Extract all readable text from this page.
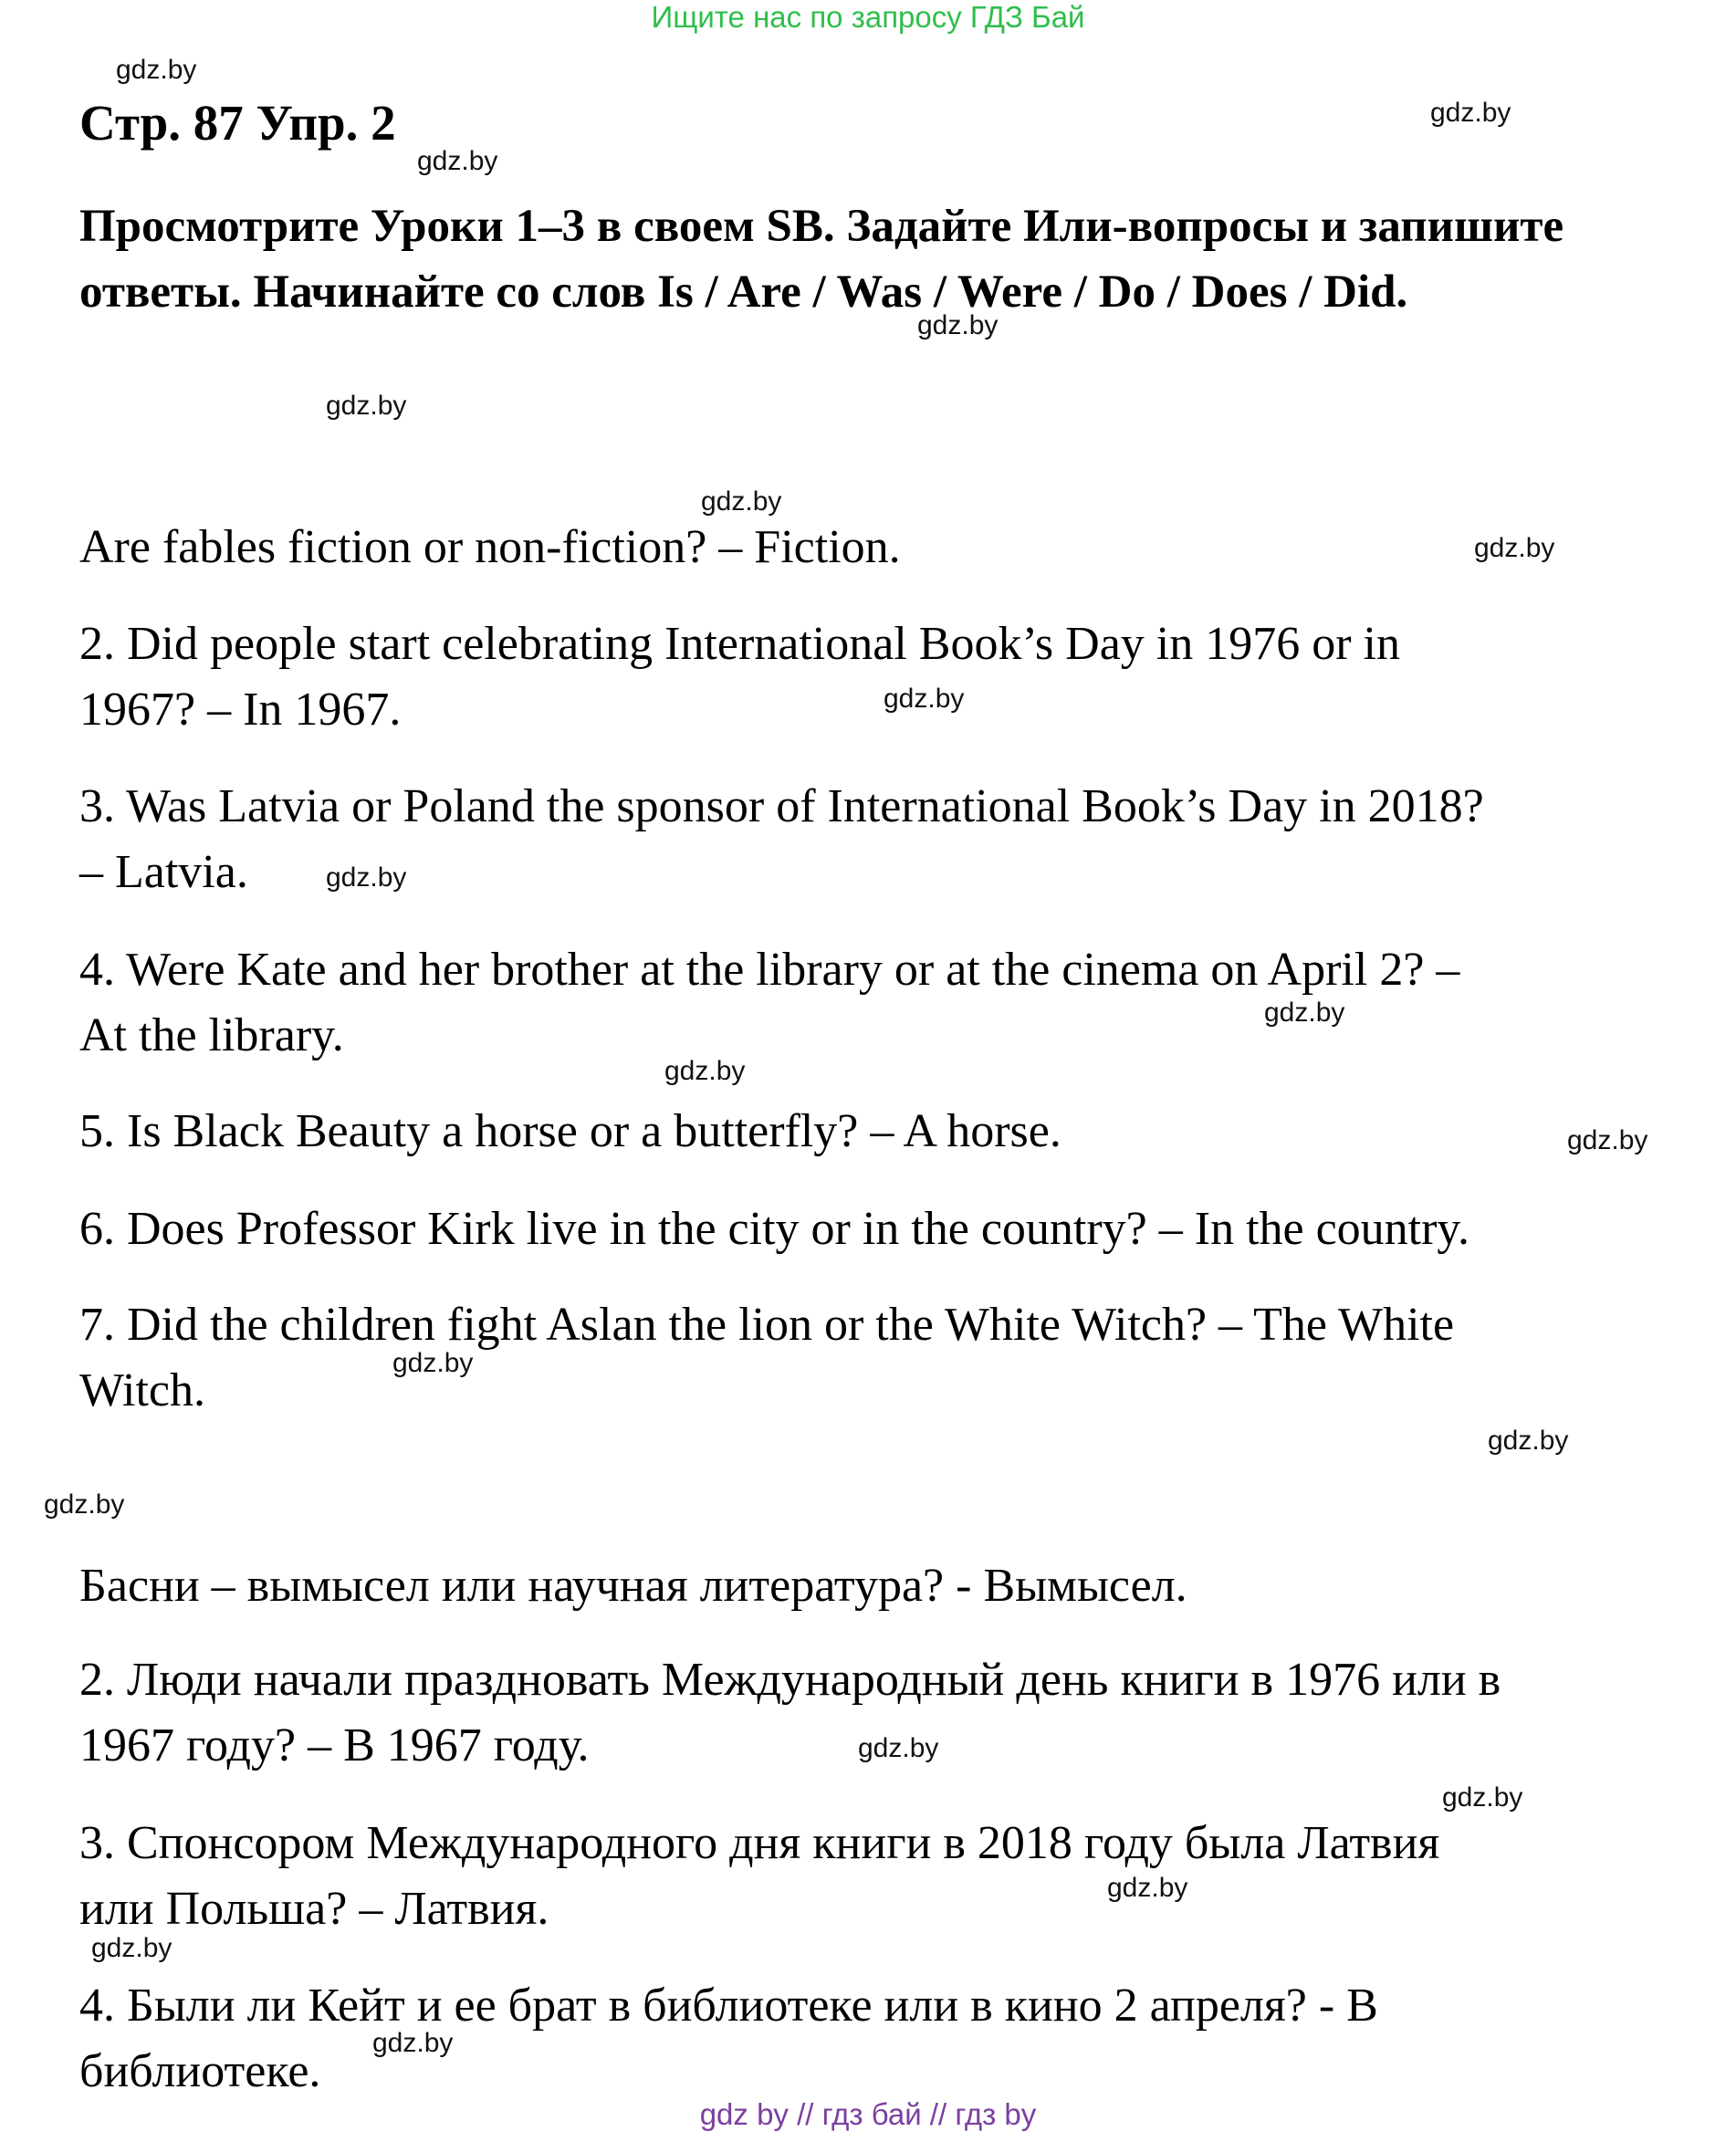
Ищите нас по запросу ГДЗ Бай
Стр. 87 Упр. 2
Просмотрите Уроки 1–3 в своем SB. Задайте Или-вопросы и запишите ответы. Начинайте со слов Is / Are / Was / Were / Do / Does / Did.
Are fables fiction or non-fiction? – Fiction.
2. Did people start celebrating International Book’s Day in 1976 or in
1967? – In 1967.
3. Was Latvia or Poland the sponsor of International Book’s Day in 2018?
– Latvia.
4. Were Kate and her brother at the library or at the cinema on April 2? –
At the library.
5. Is Black Beauty a horse or a butterfly? – A horse.
6. Does Professor Kirk live in the city or in the country? – In the country.
7. Did the children fight Aslan the lion or the White Witch? – The White
Witch.
Басни – вымысел или научная литература? - Вымысел.
2. Люди начали праздновать Международный день книги в 1976 или в
1967 году? – В 1967 году.
3. Спонсором Международного дня книги в 2018 году была Латвия
или Польша? – Латвия.
4. Были ли Кейт и ее брат в библиотеке или в кино 2 апреля? - В
библиотеке.
gdz.by
gdz.by
gdz.by
gdz.by
gdz.by
gdz.by
gdz.by
gdz.by
gdz.by
gdz.by
gdz.by
gdz.by
gdz.by
gdz.by
gdz.by
gdz.by
gdz.by
gdz.by
gdz.by
gdz.by
gdz by // гдз бай // гдз by
